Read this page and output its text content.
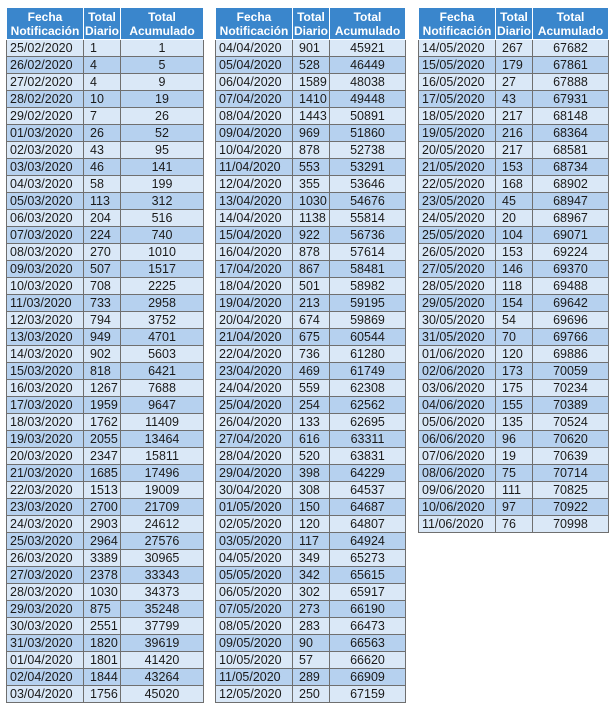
Fecha Notificación	Total Diario	Total Acumulado
25/02/2020	1	1
26/02/2020	4	5
27/02/2020	4	9
28/02/2020	10	19
29/02/2020	7	26
01/03/2020	26	52
02/03/2020	43	95
03/03/2020	46	141
04/03/2020	58	199
05/03/2020	113	312
06/03/2020	204	516
07/03/2020	224	740
08/03/2020	270	1010
09/03/2020	507	1517
10/03/2020	708	2225
11/03/2020	733	2958
12/03/2020	794	3752
13/03/2020	949	4701
14/03/2020	902	5603
15/03/2020	818	6421
16/03/2020	1267	7688
17/03/2020	1959	9647
18/03/2020	1762	11409
19/03/2020	2055	13464
20/03/2020	2347	15811
21/03/2020	1685	17496
22/03/2020	1513	19009
23/03/2020	2700	21709
24/03/2020	2903	24612
25/03/2020	2964	27576
26/03/2020	3389	30965
27/03/2020	2378	33343
28/03/2020	1030	34373
29/03/2020	875	35248
30/03/2020	2551	37799
31/03/2020	1820	39619
01/04/2020	1801	41420
02/04/2020	1844	43264
03/04/2020	1756	45020
Fecha Notificación	Total Diario	Total Acumulado
04/04/2020	901	45921
05/04/2020	528	46449
06/04/2020	1589	48038
07/04/2020	1410	49448
08/04/2020	1443	50891
09/04/2020	969	51860
10/04/2020	878	52738
11/04/2020	553	53291
12/04/2020	355	53646
13/04/2020	1030	54676
14/04/2020	1138	55814
15/04/2020	922	56736
16/04/2020	878	57614
17/04/2020	867	58481
18/04/2020	501	58982
19/04/2020	213	59195
20/04/2020	674	59869
21/04/2020	675	60544
22/04/2020	736	61280
23/04/2020	469	61749
24/04/2020	559	62308
25/04/2020	254	62562
26/04/2020	133	62695
27/04/2020	616	63311
28/04/2020	520	63831
29/04/2020	398	64229
30/04/2020	308	64537
01/05/2020	150	64687
02/05/2020	120	64807
03/05/2020	117	64924
04/05/2020	349	65273
05/05/2020	342	65615
06/05/2020	302	65917
07/05/2020	273	66190
08/05/2020	283	66473
09/05/2020	90	66563
10/05/2020	57	66620
11/05/2020	289	66909
12/05/2020	250	67159
Fecha Notificación	Total Diario	Total Acumulado
14/05/2020	267	67682
15/05/2020	179	67861
16/05/2020	27	67888
17/05/2020	43	67931
18/05/2020	217	68148
19/05/2020	216	68364
20/05/2020	217	68581
21/05/2020	153	68734
22/05/2020	168	68902
23/05/2020	45	68947
24/05/2020	20	68967
25/05/2020	104	69071
26/05/2020	153	69224
27/05/2020	146	69370
28/05/2020	118	69488
29/05/2020	154	69642
30/05/2020	54	69696
31/05/2020	70	69766
01/06/2020	120	69886
02/06/2020	173	70059
03/06/2020	175	70234
04/06/2020	155	70389
05/06/2020	135	70524
06/06/2020	96	70620
07/06/2020	19	70639
08/06/2020	75	70714
09/06/2020	111	70825
10/06/2020	97	70922
11/06/2020	76	70998
